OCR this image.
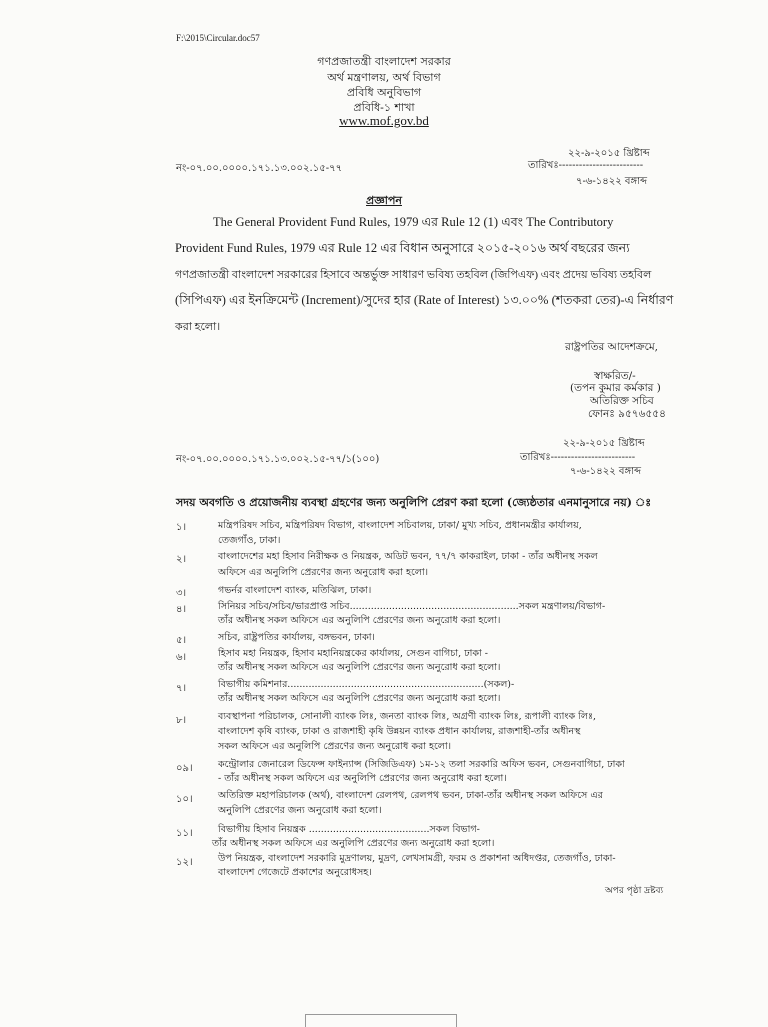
F:\2015\Circular.doc57
গণপ্রজাতন্ত্রী বাংলাদেশ সরকার
অর্থ মন্ত্রণালয়, অর্থ বিভাগ
প্রবিধি অনুবিভাগ
প্রবিধি-১ শাখা
www.mof.gov.bd
২২-৯-২০১৫ খ্রিষ্টাব্দ
নং-০৭.০০.০০০০.১৭১.১৩.০০২.১৫-৭৭	তারিখঃ-------------------------
৭-৬-১৪২২ বঙ্গাব্দ
প্রজ্ঞাপন
The General Provident Fund Rules, 1979 এর Rule 12 (1) এবং The Contributory
Provident Fund Rules, 1979 এর Rule 12 এর বিধান অনুসারে ২০১৫-২০১৬ অর্থ বছরের জন্য
গণপ্রজাতন্ত্রী বাংলাদেশ সরকারের হিসাবে অন্তর্ভুক্ত সাধারণ ভবিষ্য তহবিল (জিপিএফ) এবং প্রদেয় ভবিষ্য তহবিল
(সিপিএফ) এর ইনক্রিমেন্ট (Increment)/সুদের হার (Rate of Interest) ১৩.০০% (শতকরা তের)-এ নির্ধারণ
করা হলো।
রাষ্ট্রপতির আদেশক্রমে,
স্বাক্ষরিত/-
(তপন কুমার কর্মকার )
অতিরিক্ত সচিব
ফোনঃ ৯৫৭৬৫৫৪
২২-৯-২০১৫ খ্রিষ্টাব্দ
নং-০৭.০০.০০০০.১৭১.১৩.০০২.১৫-৭৭/১(১০০)	তারিখঃ-------------------------
৭-৬-১৪২২ বঙ্গাব্দ
সদয় অবগতি ও প্রয়োজনীয় ব্যবস্থা গ্রহণের জন্য অনুলিপি প্রেরণ করা হলো (জ্যেষ্ঠতার এনমানুসারে নয়) ঃ
১।	মন্ত্রিপরিষদ সচিব, মন্ত্রিপরিষদ বিভাগ, বাংলাদেশ সচিবালয়, ঢাকা/ মুখ্য সচিব, প্রধানমন্ত্রীর কার্যালয়,
তেজগাঁও, ঢাকা।
২।	বাংলাদেশের মহা হিসাব নিরীক্ষক ও নিয়ন্ত্রক, অডিট ভবন, ৭৭/৭ কাকরাইল, ঢাকা - তাঁর অধীনস্থ সকল
অফিসে এর অনুলিপি প্রেরণের জন্য অনুরোধ করা হলো।
৩।	গভর্নর বাংলাদেশ ব্যাংক, মতিঝিল, ঢাকা।
৪।	সিনিয়র সচিব/সচিব/ভারপ্রাপ্ত সচিব........................................................সকল মন্ত্রণালয়/বিভাগ-
তাঁর অধীনস্থ সকল অফিসে এর অনুলিপি প্রেরণের জন্য অনুরোধ করা হলো।
৫।	সচিব, রাষ্ট্রপতির কার্যালয়, বঙ্গভবন, ঢাকা।
৬।	হিসাব মহা নিয়ন্ত্রক, হিসাব মহানিয়ন্ত্রকের কার্যালয়, সেগুন বাগিচা, ঢাকা -
তাঁর অধীনস্থ সকল অফিসে এর অনুলিপি প্রেরণের জন্য অনুরোধ করা হলো।
৭।	বিভাগীয় কমিশনার.................................................................(সকল)-
তাঁর অধীনস্থ সকল অফিসে এর অনুলিপি প্রেরণের জন্য অনুরোধ করা হলো।
৮।	ব্যবস্থাপনা পরিচালক, সোনালী ব্যাংক লিঃ, জনতা ব্যাংক লিঃ, অগ্রণী ব্যাংক লিঃ, রূপালী ব্যাংক লিঃ,
বাংলাদেশ কৃষি ব্যাংক, ঢাকা ও রাজশাহী কৃষি উন্নয়ন ব্যাংক প্রধান কার্যালয়, রাজশাহী-তাঁর অধীনস্থ
সকল অফিসে এর অনুলিপি প্রেরণের জন্য অনুরোধ করা হলো।
০৯।	কন্ট্রোলার জেনারেল ডিফেন্স ফাইন্যান্স (সিজিডিএফ) ১ম-১২ তলা সরকারি অফিস ভবন, সেগুনবাগিচা, ঢাকা
- তাঁর অধীনস্থ সকল অফিসে এর অনুলিপি প্রেরণের জন্য অনুরোধ করা হলো।
১০।	অতিরিক্ত মহাপরিচালক (অর্থ), বাংলাদেশ রেলপথ, রেলপথ ভবন, ঢাকা-তাঁর অধীনস্থ সকল অফিসে এর
অনুলিপি প্রেরণের জন্য অনুরোধ করা হলো।
১১।	বিভাগীয় হিসাব নিয়ন্ত্রক ........................................সকল বিভাগ-
তাঁর অধীনস্থ সকল অফিসে এর অনুলিপি প্রেরণের জন্য অনুরোধ করা হলো।
১২।	উপ নিয়ন্ত্রক, বাংলাদেশ সরকারি মুদ্রণালয়, মুদ্রণ, লেখসামগ্রী, ফরম ও প্রকাশনা অধিদপ্তর, তেজগাঁও, ঢাকা-
বাংলাদেশ গেজেটে প্রকাশের অনুরোধসহ।
অপর পৃষ্ঠা দ্রষ্টব্য
